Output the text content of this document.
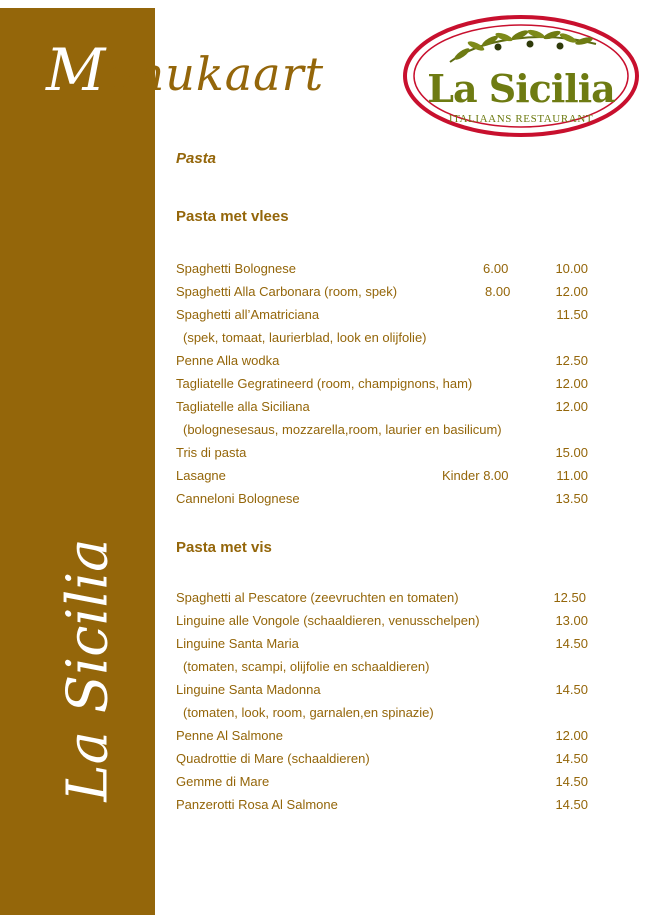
Menukaart
La Sicilia
La Sicilia
ITALIAANS RESTAURANT
Pasta
Pasta met vlees
Spaghetti Bolognese	6.00	10.00
Spaghetti Alla Carbonara (room, spek)	8.00	12.00
Spaghetti all’Amatriciana	11.50
(spek, tomaat, laurierblad, look en olijfolie)
Penne Alla wodka	12.50
Tagliatelle Gegratineerd (room, champignons, ham)	12.00
Tagliatelle alla Siciliana	12.00
(bolognesesaus, mozzarella,room, laurier en basilicum)
Tris di pasta	15.00
Lasagne	Kinder 8.00	11.00
Canneloni Bolognese	13.50
Pasta met vis
Spaghetti al Pescatore (zeevruchten en tomaten)	12.50
Linguine alle Vongole (schaaldieren, venusschelpen)	13.00
Linguine Santa Maria	14.50
(tomaten, scampi, olijfolie en schaaldieren)
Linguine Santa Madonna	14.50
(tomaten, look, room, garnalen,en spinazie)
Penne Al Salmone	12.00
Quadrottie di Mare (schaaldieren)	14.50
Gemme di Mare	14.50
Panzerotti Rosa Al Salmone	14.50
